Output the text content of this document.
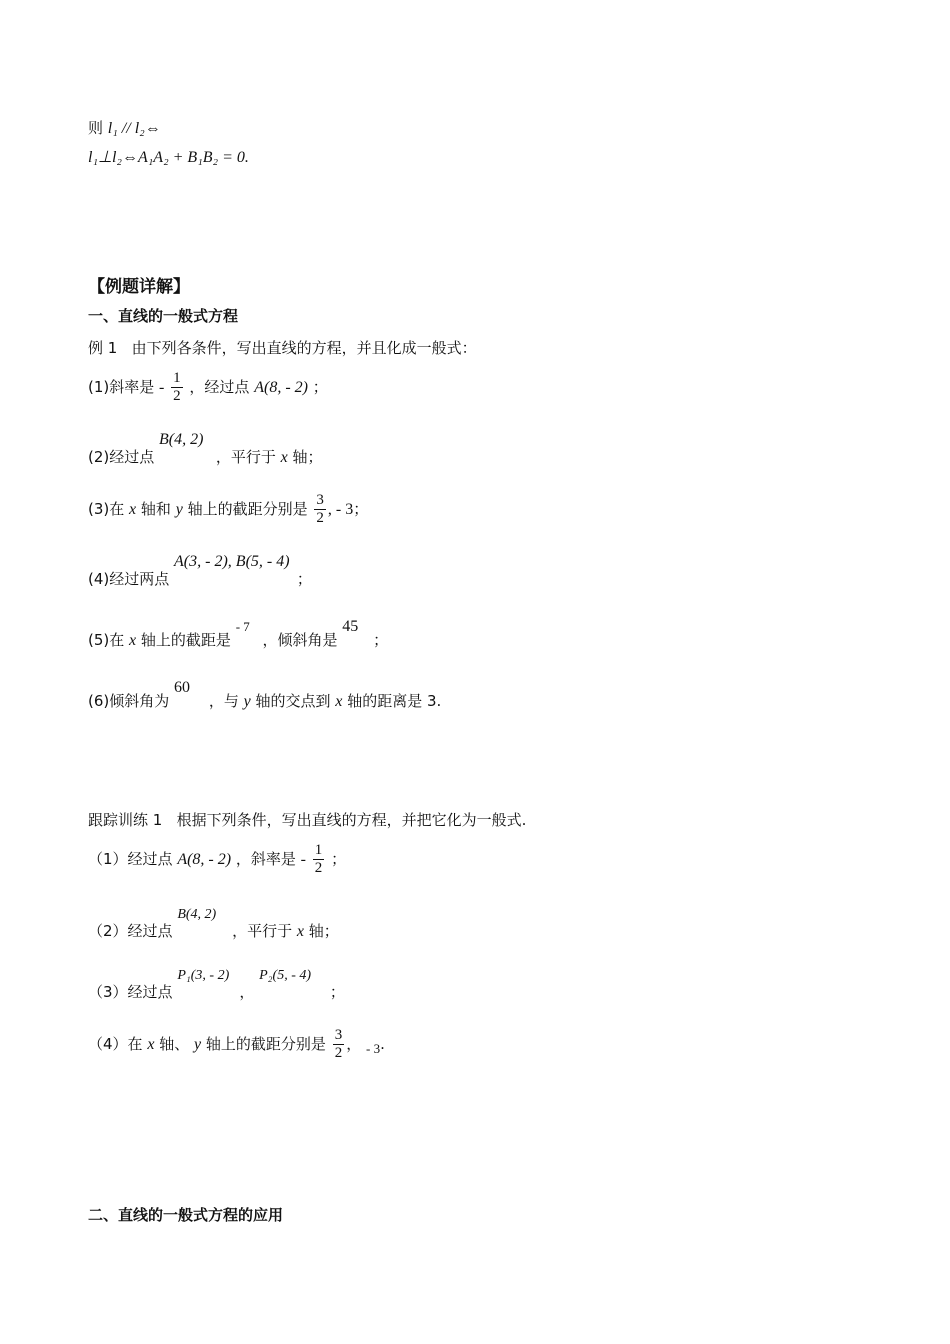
则 l₁ // l₂⇔
l₁⊥l₂⇔A₁A₂ + B₁B₂ = 0.
【例题详解】
一、直线的一般式方程
例 1 由下列各条件，写出直线的方程，并且化成一般式：
(1)斜率是 - $\frac{1}{2}$ ，经过点 A(8, - 2) ；
(2)经过点 B(4, 2) ，平行于 x 轴；
(3)在 x 轴和 y 轴上的截距分别是 $\frac{3}{2}$ , - 3；
(4)经过两点 A(3, - 2), B(5, - 4) ；
(5)在 x 轴上的截距是 - 7 ，倾斜角是 45 ；
(6)倾斜角为 60 ，与 y 轴的交点到 x 轴的距离是 3.
跟踪训练 1 根据下列条件，写出直线的方程，并把它化为一般式.
（1）经过点 A(8, - 2) ，斜率是 - $\frac{1}{2}$ ；
（2）经过点 B(4, 2) ，平行于 x 轴；
（3）经过点 P₁(3, - 2)， P₂(5, - 4) ；
（4）在 x 轴、 y 轴上的截距分别是 $\frac{3}{2}$ ， - 3.
二、直线的一般式方程的应用
